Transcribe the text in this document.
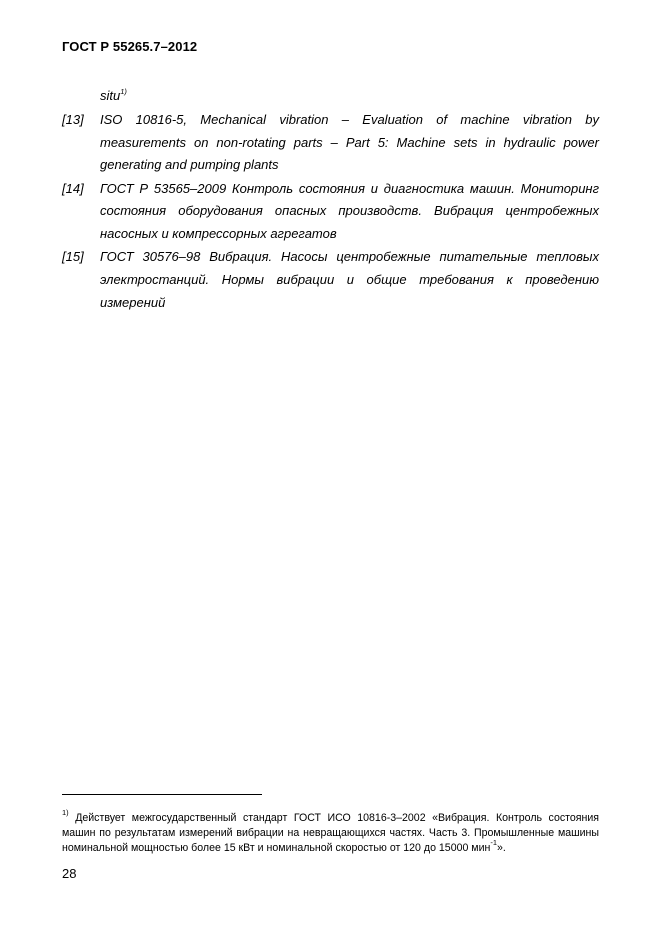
ГОСТ Р 55265.7–2012
situ$^{1)}$
[13] ISO 10816-5, Mechanical vibration – Evaluation of machine vibration by measurements on non-rotating parts – Part 5: Machine sets in hydraulic power generating and pumping plants
[14] ГОСТ Р 53565–2009 Контроль состояния и диагностика машин. Мониторинг состояния оборудования опасных производств. Вибрация центробежных насосных и компрессорных агрегатов
[15] ГОСТ 30576–98 Вибрация. Насосы центробежные питательные тепловых электростанций. Нормы вибрации и общие требования к проведению измерений
$^{1)}$ Действует межгосударственный стандарт ГОСТ ИСО 10816-3–2002 «Вибрация. Контроль состояния машин по результатам измерений вибрации на невращающихся частях. Часть 3. Промышленные машины номинальной мощностью более 15 кВт и номинальной скоростью от 120 до 15000 мин$^{-1}$».
28
